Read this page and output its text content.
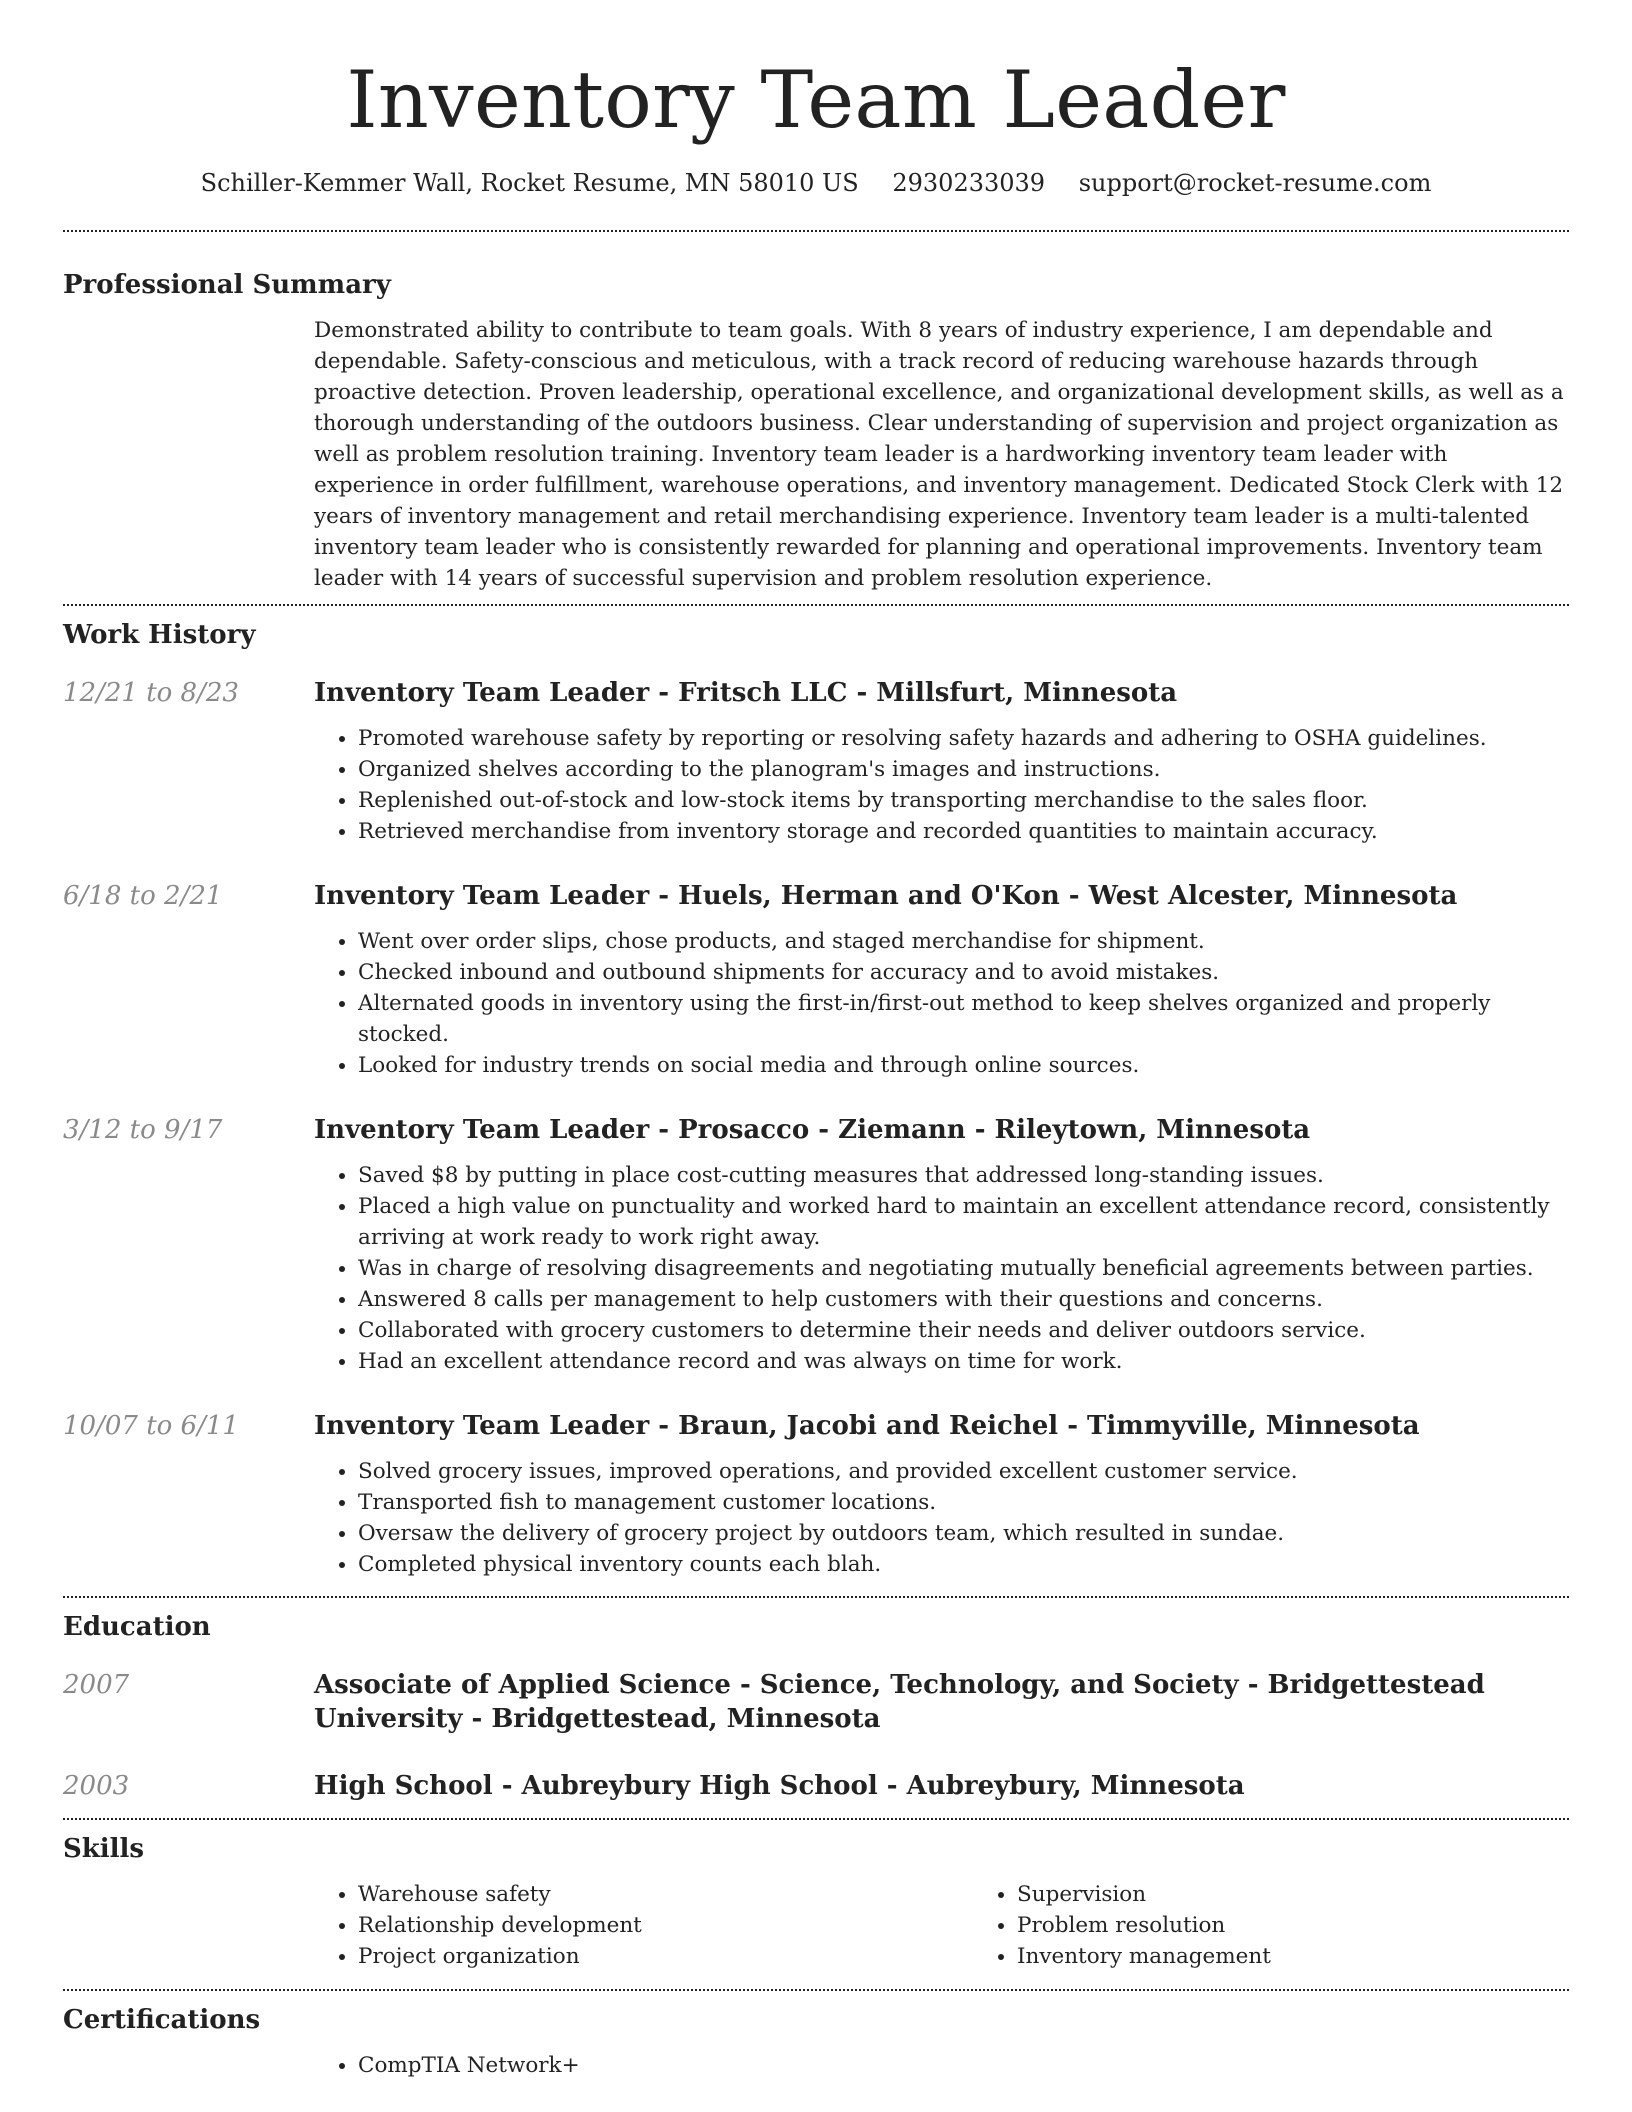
Inventory Team Leader
Schiller-Kemmer Wall, Rocket Resume, MN 58010 US 2930233039 support@rocket-resume.com
Professional Summary

Demonstrated ability to contribute to team goals. With 8 years of industry experience, I am dependable and dependable. Safety-conscious and meticulous, with a track record of reducing warehouse hazards through proactive detection. Proven leadership, operational excellence, and organizational development skills, as well as a thorough understanding of the outdoors business. Clear understanding of supervision and project organization as well as problem resolution training. Inventory team leader is a hardworking inventory team leader with experience in order fulfillment, warehouse operations, and inventory management. Dedicated Stock Clerk with 12 years of inventory management and retail merchandising experience. Inventory team leader is a multi-talented inventory team leader who is consistently rewarded for planning and operational improvements. Inventory team leader with 14 years of successful supervision and problem resolution experience.

Work History
12/21 to 8/23	Inventory Team Leader - Fritsch LLC - Millsfurt, Minnesota
• Promoted warehouse safety by reporting or resolving safety hazards and adhering to OSHA guidelines.
• Organized shelves according to the planogram's images and instructions.
• Replenished out-of-stock and low-stock items by transporting merchandise to the sales floor.
• Retrieved merchandise from inventory storage and recorded quantities to maintain accuracy.
6/18 to 2/21	Inventory Team Leader - Huels, Herman and O'Kon - West Alcester, Minnesota
• Went over order slips, chose products, and staged merchandise for shipment.
• Checked inbound and outbound shipments for accuracy and to avoid mistakes.
• Alternated goods in inventory using the first-in/first-out method to keep shelves organized and properly stocked.
• Looked for industry trends on social media and through online sources.
3/12 to 9/17	Inventory Team Leader - Prosacco - Ziemann - Rileytown, Minnesota
• Saved $8 by putting in place cost-cutting measures that addressed long-standing issues.
• Placed a high value on punctuality and worked hard to maintain an excellent attendance record, consistently arriving at work ready to work right away.
• Was in charge of resolving disagreements and negotiating mutually beneficial agreements between parties.
• Answered 8 calls per management to help customers with their questions and concerns.
• Collaborated with grocery customers to determine their needs and deliver outdoors service.
• Had an excellent attendance record and was always on time for work.
10/07 to 6/11	Inventory Team Leader - Braun, Jacobi and Reichel - Timmyville, Minnesota
• Solved grocery issues, improved operations, and provided excellent customer service.
• Transported fish to management customer locations.
• Oversaw the delivery of grocery project by outdoors team, which resulted in sundae.
• Completed physical inventory counts each blah.
Education
2007	Associate of Applied Science - Science, Technology, and Society - Bridgettestead University - Bridgettestead, Minnesota
2003	High School - Aubreybury High School - Aubreybury, Minnesota
Skills
• Warehouse safety
• Relationship development
• Project organization
• Supervision
• Problem resolution
• Inventory management
Certifications
• CompTIA Network+
